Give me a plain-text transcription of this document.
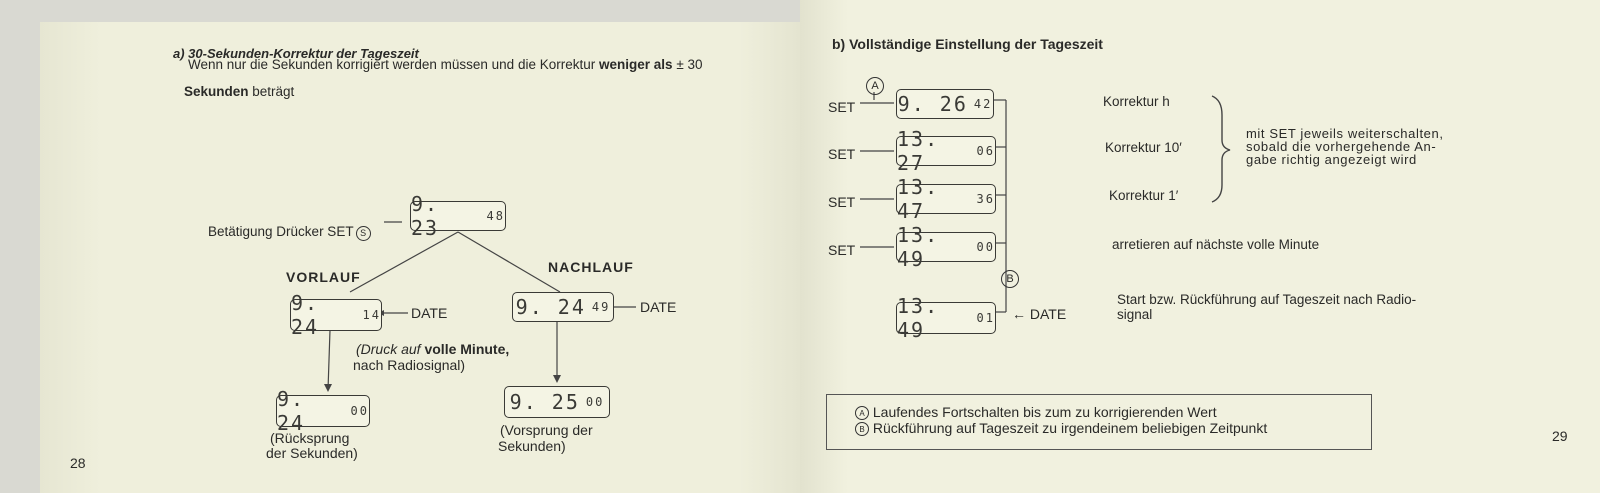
a) 30-Sekunden-Korrektur der Tageszeit
Wenn nur die Sekunden korrigiert werden müssen und die Korrektur weniger als ± 30
Sekunden beträgt
Betätigung Drücker SET S
9. 23	48
VORLAUF
NACHLAUF
9. 24	14 DATE	9. 24 49 DATE
(Druck auf volle Minute,
nach Radiosignal)
9. 24	00	9. 25 00
(Rücksprung
der Sekunden)
(Vorsprung der
Sekunden)
28
b) Vollständige Einstellung der Tageszeit
A
SET
SET
SET
SET
9. 26 42
13. 27	06
13. 47	36
13. 49	00
B
13. 49	01 ← DATE
Korrektur h
Korrektur 10′
Korrektur 1′
arretieren auf nächste volle Minute
mit SET jeweils weiterschalten,
sobald die vorhergehende An-
gabe richtig angezeigt wird
Start bzw. Rückführung auf Tageszeit nach Radio-
signal
A Laufendes Fortschalten bis zum zu korrigierenden Wert
B Rückführung auf Tageszeit zu irgendeinem beliebigen Zeitpunkt	29
